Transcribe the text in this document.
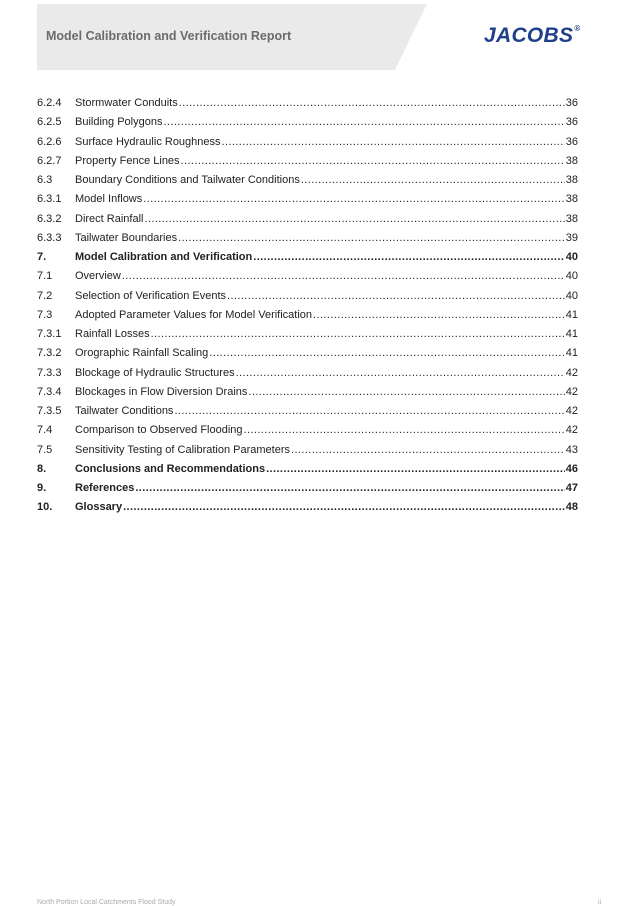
Model Calibration and Verification Report	JACOBS®
6.2.4	Stormwater Conduits .....	36
6.2.5	Building Polygons .....	36
6.2.6	Surface Hydraulic Roughness .....	36
6.2.7	Property Fence Lines .....	38
6.3	Boundary Conditions and Tailwater Conditions .....	38
6.3.1	Model Inflows .....	38
6.3.2	Direct Rainfall .....	38
6.3.3	Tailwater Boundaries .....	39
7.	Model Calibration and Verification .....	40
7.1	Overview .....	40
7.2	Selection of Verification Events .....	40
7.3	Adopted Parameter Values for Model Verification .....	41
7.3.1	Rainfall Losses .....	41
7.3.2	Orographic Rainfall Scaling .....	41
7.3.3	Blockage of Hydraulic Structures .....	42
7.3.4	Blockages in Flow Diversion Drains .....	42
7.3.5	Tailwater Conditions .....	42
7.4	Comparison to Observed Flooding .....	42
7.5	Sensitivity Testing of Calibration Parameters .....	43
8.	Conclusions and Recommendations .....	46
9.	References .....	47
10.	Glossary .....	48
North Portion Local Catchments Flood Study	ii
